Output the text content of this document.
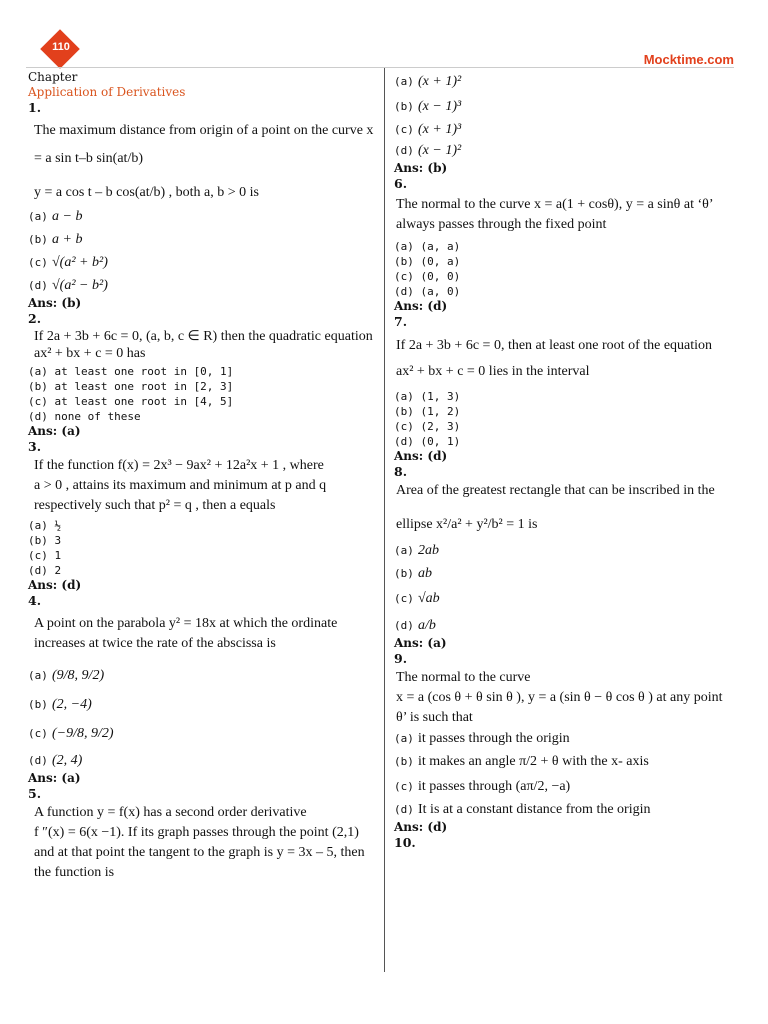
110
Mocktime.com
Chapter
Application of Derivatives
1.
The maximum distance from origin of a point on the curve x
= a sin t–b sin(at/b)
y = a cos t – b cos(at/b) , both a, b > 0 is
(a) a − b
(b) a + b
(c) √(a² + b²)
(d) √(a² − b²)
Ans: (b)
2.
If 2a + 3b + 6c = 0, (a, b, c ∈ R) then the quadratic equation
ax² + bx + c = 0 has
(a) at least one root in [0, 1]
(b) at least one root in [2, 3]
(c) at least one root in [4, 5]
(d) none of these
Ans: (a)
3.
If the function f(x) = 2x³ − 9ax² + 12a²x + 1 , where
a > 0 , attains its maximum and minimum at p and q
respectively such that p² = q , then a equals
(a) ½
(b) 3
(c) 1
(d) 2
Ans: (d)
4.
A point on the parabola y² = 18x at which the ordinate
increases at twice the rate of the abscissa is
(a) (9/8, 9/2)
(b) (2, −4)
(c) (−9/8, 9/2)
(d) (2, 4)
Ans: (a)
5.
A function y = f(x) has a second order derivative
f ″(x) = 6(x −1). If its graph passes through the point (2,1)
and at that point the tangent to the graph is y = 3x – 5, then
the function is
(a) (x + 1)²
(b) (x − 1)³
(c) (x + 1)³
(d) (x − 1)²
Ans: (b)
6.
The normal to the curve x = a(1 + cosθ), y = a sinθ at ‘θ’
always passes through the fixed point
(a) (a, a)
(b) (0, a)
(c) (0, 0)
(d) (a, 0)
Ans: (d)
7.
If 2a + 3b + 6c = 0, then at least one root of the equation
ax² + bx + c = 0 lies in the interval
(a) (1, 3)
(b) (1, 2)
(c) (2, 3)
(d) (0, 1)
Ans: (d)
8.
Area of the greatest rectangle that can be inscribed in the
ellipse x²/a² + y²/b² = 1 is
(a) 2ab
(b) ab
(c) √ab
(d) a/b
Ans: (a)
9.
The normal to the curve
x = a (cos θ + θ sin θ ), y = a (sin θ − θ cos θ ) at any point
θ’ is such that
(a) it passes through the origin
(b) it makes an angle π/2 + θ with the x- axis
(c) it passes through (aπ/2, −a)
(d) It is at a constant distance from the origin
Ans: (d)
10.
